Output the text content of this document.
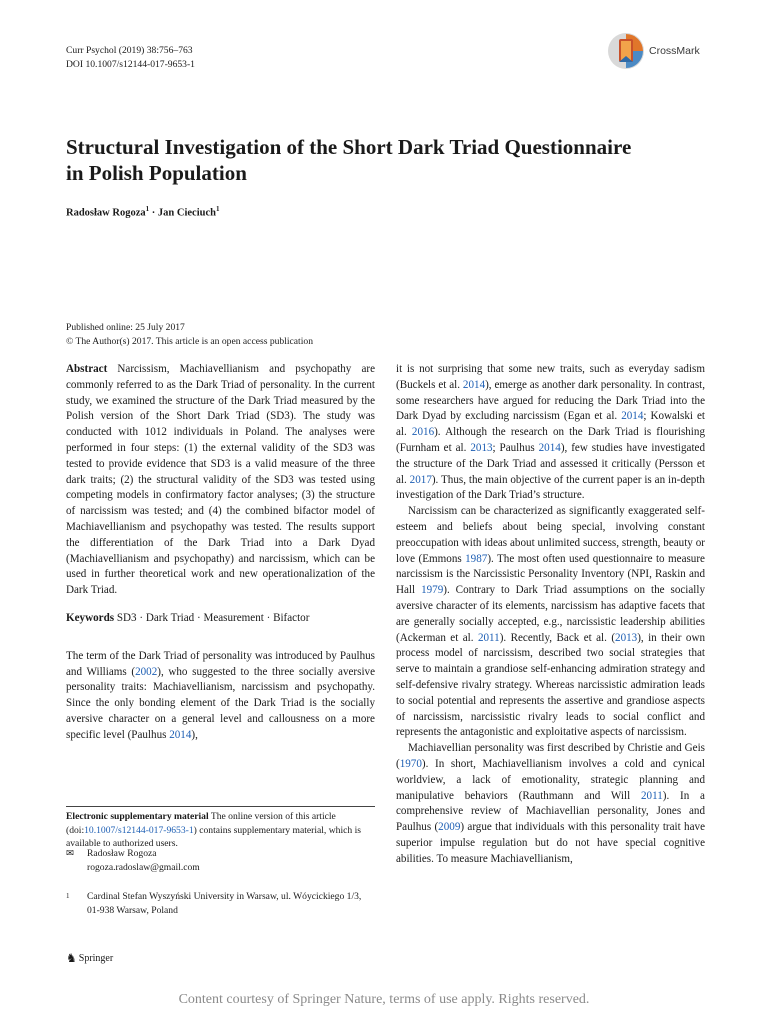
Curr Psychol (2019) 38:756–763
DOI 10.1007/s12144-017-9653-1
CrossMark
Structural Investigation of the Short Dark Triad Questionnaire
in Polish Population
Radosław Rogoza$^1$ · Jan Cieciuch$^1$
Published online: 25 July 2017
© The Author(s) 2017. This article is an open access publication

Abstract Narcissism, Machiavellianism and psychopathy are commonly referred to as the Dark Triad of personality. In the current study, we examined the structure of the Dark Triad measured by the Polish version of the Short Dark Triad (SD3). The study was conducted with 1012 individuals in Poland. The analyses were performed in four steps: (1) the external validity of the SD3 was tested to provide evidence that SD3 is a valid measure of the three dark traits; (2) the structural validity of the SD3 was tested using competing models in confirmatory factor analyses; (3) the structure of narcissism was tested; and (4) the combined bifactor model of Machiavellianism and psychopathy was tested. The results support the differentiation of the Dark Triad into a Dark Dyad (Machiavellianism and psychopathy) and narcissism, which can be used in further theoretical work and new operationalization of the Dark Triad.

Keywords SD3 · Dark Triad · Measurement · Bifactor

The term of the Dark Triad of personality was introduced by Paulhus and Williams (2002), who suggested to the three socially aversive personality traits: Machiavellianism, narcissism and psychopathy. Since the only bonding element of the Dark Triad is the socially aversive character on a general level and callousness on a more specific level (Paulhus 2014),

Electronic supplementary material The online version of this article (doi:10.1007/s12144-017-9653-1) contains supplementary material, which is available to authorized users.
✉	Radosław Rogoza
rogoza.radoslaw@gmail.com
1	Cardinal Stefan Wyszyński University in Warsaw, ul. Wóycickiego 1/3, 01-938 Warsaw, Poland
♞ Springer

it is not surprising that some new traits, such as everyday sadism (Buckels et al. 2014), emerge as another dark personality. In contrast, some researchers have argued for reducing the Dark Triad into the Dark Dyad by excluding narcissism (Egan et al. 2014; Kowalski et al. 2016). Although the research on the Dark Triad is flourishing (Furnham et al. 2013; Paulhus 2014), few studies have investigated the structure of the Dark Triad and assessed it critically (Persson et al. 2017). Thus, the main objective of the current paper is an in-depth investigation of the Dark Triad’s structure.

Narcissism can be characterized as significantly exaggerated self-esteem and beliefs about being special, involving constant preoccupation with ideas about unlimited success, strength, beauty or love (Emmons 1987). The most often used questionnaire to measure narcissism is the Narcissistic Personality Inventory (NPI, Raskin and Hall 1979). Contrary to Dark Triad assumptions on the socially aversive character of its elements, narcissism has adaptive facets that are generally socially accepted, e.g., narcissistic leadership abilities (Ackerman et al. 2011). Recently, Back et al. (2013), in their own process model of narcissism, described two social strategies that serve to maintain a grandiose self-enhancing admiration strategy and self-defensive rivalry strategy. Whereas narcissistic admiration leads to social potential and represents the assertive and grandiose aspects of narcissism, narcissistic rivalry leads to social conflict and represents the antagonistic and exploitative aspects of narcissism.

Machiavellian personality was first described by Christie and Geis (1970). In short, Machiavellianism involves a cold and cynical worldview, a lack of emotionality, strategic planning and manipulative behaviors (Rauthmann and Will 2011). In a comprehensive review of Machiavellian personality, Jones and Paulhus (2009) argue that individuals with this personality trait have superior impulse regulation but do not have special cognitive abilities. To measure Machiavellianism,

Content courtesy of Springer Nature, terms of use apply. Rights reserved.
